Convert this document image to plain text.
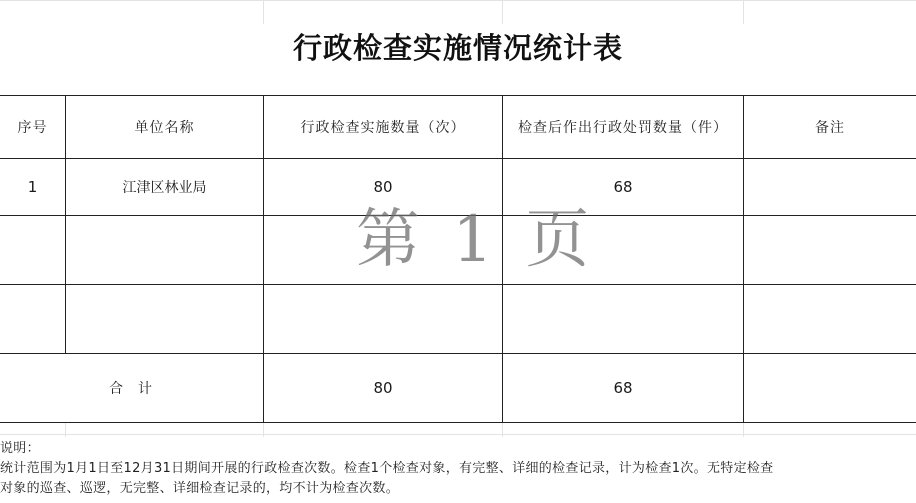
行政检查实施情况统计表
序号	单位名称	行政检查实施数量（次）	检查后作出行政处罚数量（件）	备注
1	江津区林业局	80	68
合  计	80	68
第 1 页
说明：
统计范围为1月1日至12月31日期间开展的行政检查次数。检查1个检查对象，有完整、详细的检查记录，计为检查1次。无特定检查
对象的巡查、巡逻，无完整、详细检查记录的，均不计为检查次数。
